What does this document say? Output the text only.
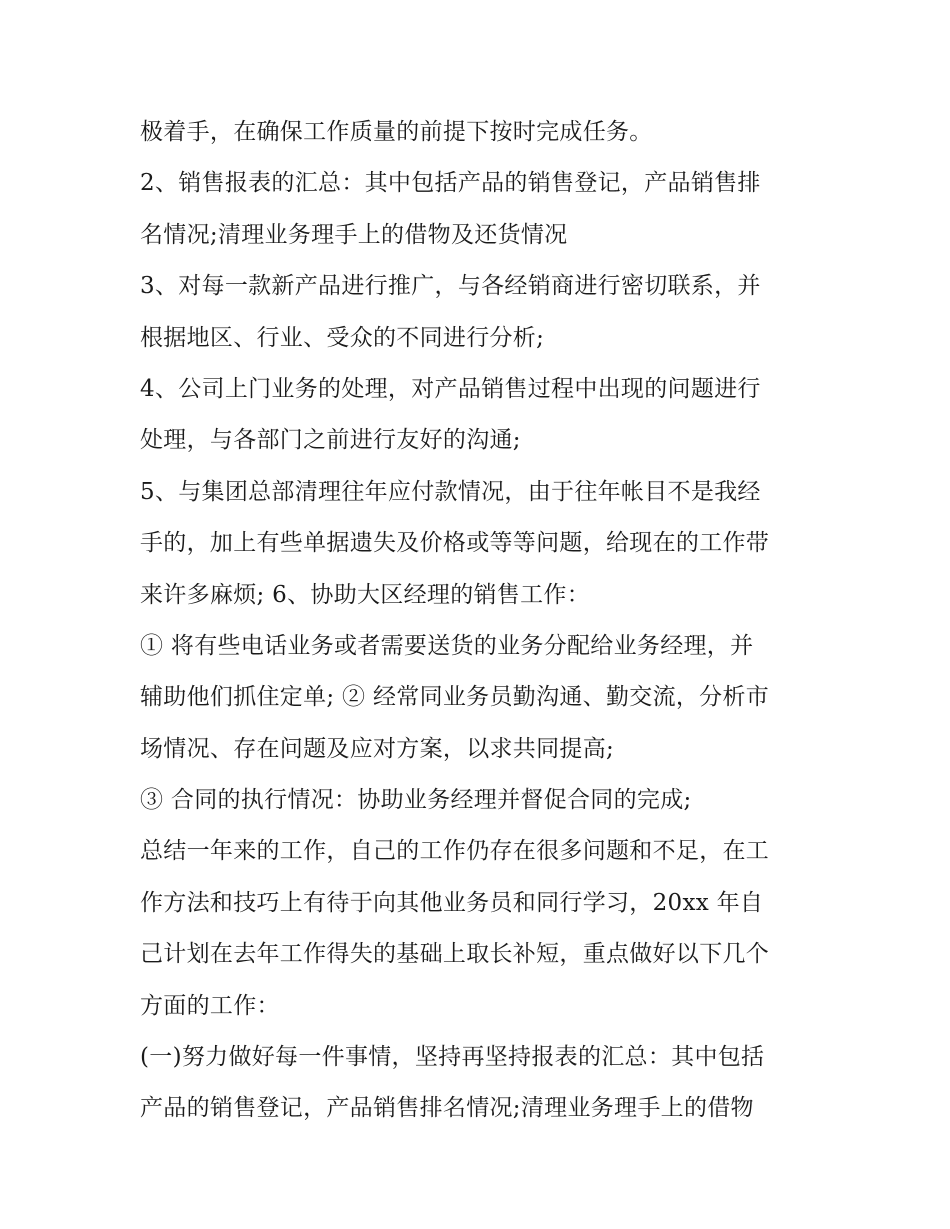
极着手，在确保工作质量的前提下按时完成任务。
2、销售报表的汇总：其中包括产品的销售登记，产品销售排
名情况;清理业务理手上的借物及还货情况
3、对每一款新产品进行推广，与各经销商进行密切联系，并
根据地区、行业、受众的不同进行分析;
4、公司上门业务的处理，对产品销售过程中出现的问题进行
处理，与各部门之前进行友好的沟通;
5、与集团总部清理往年应付款情况，由于往年帐目不是我经
手的，加上有些单据遗失及价格或等等问题，给现在的工作带
来许多麻烦; 6、协助大区经理的销售工作：
① 将有些电话业务或者需要送货的业务分配给业务经理，并
辅助他们抓住定单; ② 经常同业务员勤沟通、勤交流，分析市
场情况、存在问题及应对方案，以求共同提高;
③ 合同的执行情况：协助业务经理并督促合同的完成;
总结一年来的工作，自己的工作仍存在很多问题和不足，在工
作方法和技巧上有待于向其他业务员和同行学习，20xx 年自
己计划在去年工作得失的基础上取长补短，重点做好以下几个
方面的工作：
(一)努力做好每一件事情，坚持再坚持报表的汇总：其中包括
产品的销售登记，产品销售排名情况;清理业务理手上的借物
